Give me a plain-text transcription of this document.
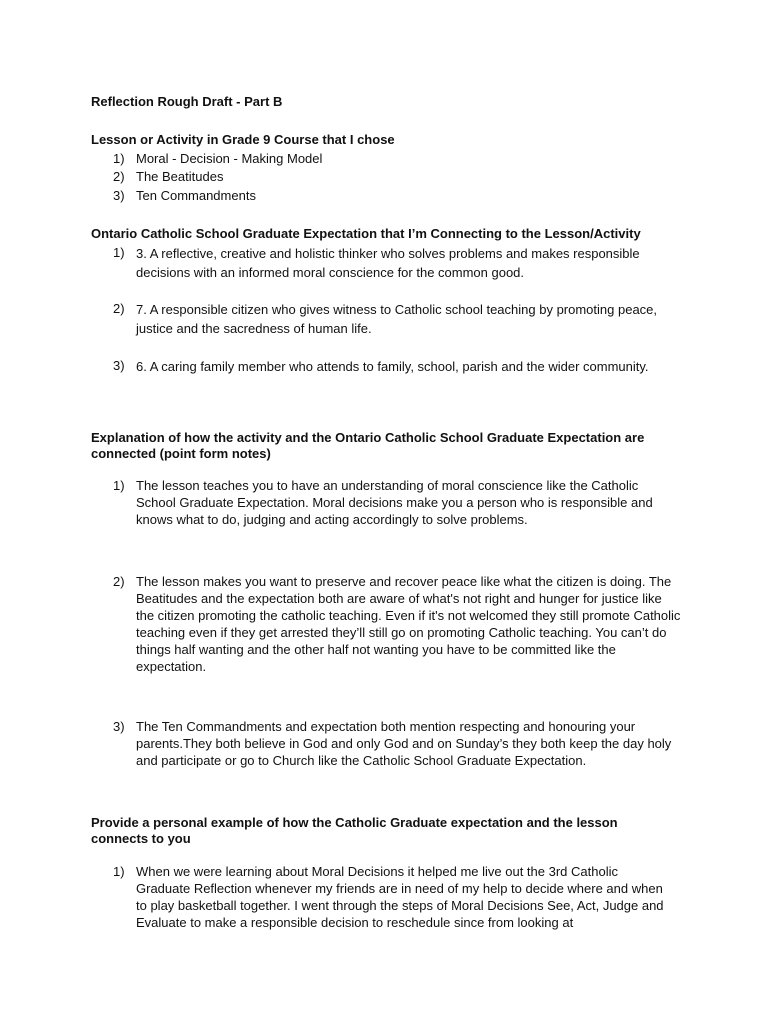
Reflection Rough Draft - Part B
Lesson or Activity in Grade 9 Course that I chose
1) Moral - Decision - Making Model
2) The Beatitudes
3) Ten Commandments
Ontario Catholic School Graduate Expectation that I’m Connecting to the Lesson/Activity
1) 3. A reflective, creative and holistic thinker who solves problems and makes responsible decisions with an informed moral conscience for the common good.
2) 7. A responsible citizen who gives witness to Catholic school teaching by promoting peace, justice and the sacredness of human life.
3) 6. A caring family member who attends to family, school, parish and the wider community.
Explanation of how the activity and the Ontario Catholic School Graduate Expectation are connected (point form notes)
1) The lesson teaches you to have an understanding of moral conscience like the Catholic School Graduate Expectation. Moral decisions make you a person who is responsible and knows what to do, judging and acting accordingly to solve problems.
2) The lesson makes you want to preserve and recover peace like what the citizen is doing. The Beatitudes and the expectation both are aware of what's not right and hunger for justice like the citizen promoting the catholic teaching. Even if it's not welcomed they still promote Catholic teaching even if they get arrested they’ll still go on promoting Catholic teaching. You can’t do things half wanting and the other half not wanting you have to be committed like the expectation.
3) The Ten Commandments and expectation both mention respecting and honouring your parents.They both believe in God and only God and on Sunday’s they both keep the day holy and participate or go to Church like the Catholic School Graduate Expectation.
Provide a personal example of how the Catholic Graduate expectation and the lesson connects to you
1) When we were learning about Moral Decisions it helped me live out the 3rd Catholic Graduate Reflection whenever my friends are in need of my help to decide where and when to play basketball together. I went through the steps of Moral Decisions See, Act, Judge and Evaluate to make a responsible decision to reschedule since from looking at
